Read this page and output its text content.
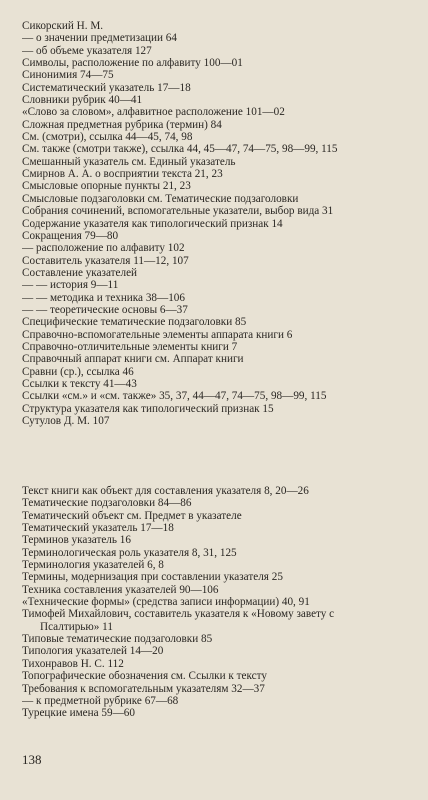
Сикорский Н. М.
— о значении предметизации 64
— об объеме указателя 127
Символы, расположение по алфавиту 100—01
Синонимия 74—75
Систематический указатель 17—18
Словники рубрик 40—41
«Слово за словом», алфавитное расположение 101—02
Сложная предметная рубрика (термин) 84
См. (смотри), ссылка 44—45, 74, 98
См. также (смотри также), ссылка 44, 45—47, 74—75, 98—99, 115
Смешанный указатель см. Единый указатель
Смирнов А. А. о восприятии текста 21, 23
Смысловые опорные пункты 21, 23
Смысловые подзаголовки см. Тематические подзаголовки
Собрания сочинений, вспомогательные указатели, выбор вида 31
Содержание указателя как типологический признак 14
Сокращения 79—80
— расположение по алфавиту 102
Составитель указателя 11—12, 107
Составление указателей
— — история 9—11
— — методика и техника 38—106
— — теоретические основы 6—37
Специфические тематические подзаголовки 85
Справочно-вспомогательные элементы аппарата книги 6
Справочно-отличительные элементы книги 7
Справочный аппарат книги см. Аппарат книги
Сравни (ср.), ссылка 46
Ссылки к тексту 41—43
Ссылки «см.» и «см. также» 35, 37, 44—47, 74—75, 98—99, 115
Структура указателя как типологический признак 15
Сутулов Д. М. 107
Текст книги как объект для составления указателя 8, 20—26
Тематические подзаголовки 84—86
Тематический объект см. Предмет в указателе
Тематический указатель 17—18
Терминов указатель 16
Терминологическая роль указателя 8, 31, 125
Терминология указателей 6, 8
Термины, модернизация при составлении указателя 25
Техника составления указателей 90—106
«Технические формы» (средства записи информации) 40, 91
Тимофей Михайлович, составитель указателя к «Новому завету с
Псалтирью» 11
Типовые тематические подзаголовки 85
Типология указателей 14—20
Тихонравов Н. С. 112
Топографические обозначения см. Ссылки к тексту
Требования к вспомогательным указателям 32—37
— к предметной рубрике 67—68
Турецкие имена 59—60
138
